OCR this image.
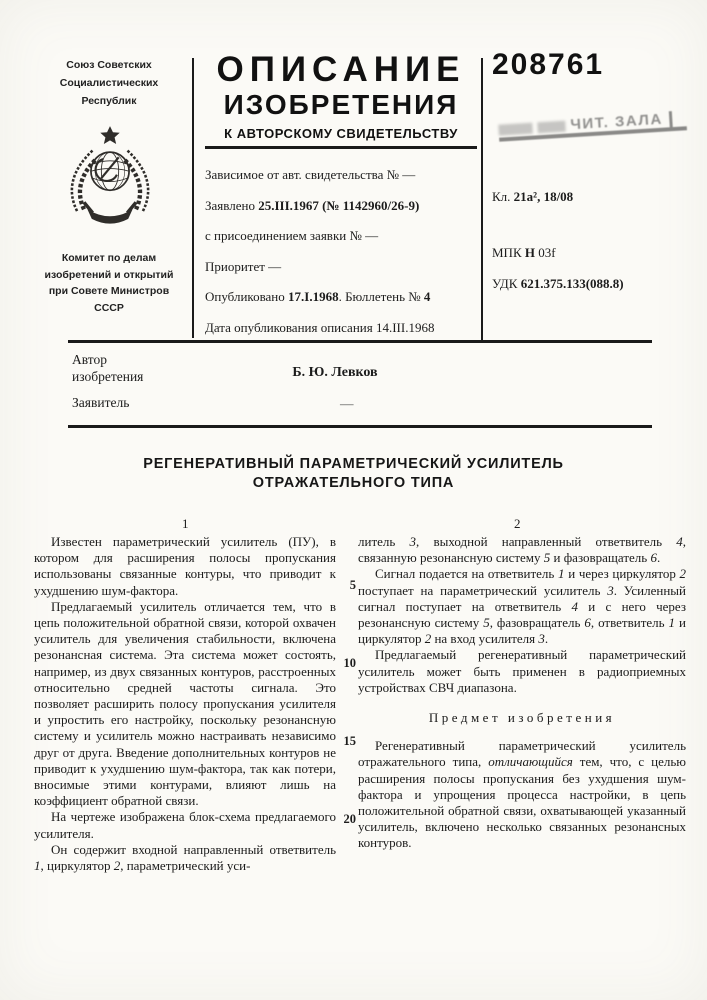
Союз Советских
Социалистических
Республик
Комитет по делам
изобретений и открытий
при Совете Министров
СССР
ОПИСАНИЕ
ИЗОБРЕТЕНИЯ
К АВТОРСКОМУ СВИДЕТЕЛЬСТВУ
Зависимое от авт. свидетельства № —
Заявлено 25.III.1967 (№ 1142960/26-9)
с присоединением заявки № —
Приоритет —
Опубликовано 17.I.1968. Бюллетень № 4
Дата опубликования описания 14.III.1968
208761
ЧИТ. ЗАЛА
Кл. 21а², 18/08
МПК Н 03f
УДК 621.375.133(088.8)
Автор
изобретения	Б. Ю. Левков
Заявитель	—
РЕГЕНЕРАТИВНЫЙ ПАРАМЕТРИЧЕСКИЙ УСИЛИТЕЛЬ
ОТРАЖАТЕЛЬНОГО ТИПА
1	2

Известен параметрический усилитель (ПУ), в котором для расширения полосы пропускания использованы связанные контуры, что приводит к ухудшению шум-фактора.

Предлагаемый усилитель отличается тем, что в цепь положительной обратной связи, которой охвачен усилитель для увеличения стабильности, включена резонансная система. Эта система может состоять, например, из двух связанных контуров, расстроенных относительно средней частоты сигнала. Это позволяет расширить полосу пропускания усилителя и упростить его настройку, поскольку резонансную систему и усилитель можно настраивать независимо друг от друга. Введение дополнительных контуров не приводит к ухудшению шум-фактора, так как потери, вносимые этими контурами, влияют лишь на коэффициент обратной связи.

На чертеже изображена блок-схема предлагаемого усилителя.

Он содержит входной направленный ответвитель 1, циркулятор 2, параметрический уси-

литель 3, выходной направленный ответвитель 4, связанную резонансную систему 5 и фазовращатель 6.

Сигнал подается на ответвитель 1 и через циркулятор 2 поступает на параметрический усилитель 3. Усиленный сигнал поступает на ответвитель 4 и с него через резонансную систему 5, фазовращатель 6, ответвитель 1 и циркулятор 2 на вход усилителя 3.

Предлагаемый регенеративный параметрический усилитель может быть применен в радиоприемных устройствах СВЧ диапазона.

Предмет изобретения

Регенеративный параметрический усилитель отражательного типа, отличающийся тем, что, с целью расширения полосы пропускания без ухудшения шум-фактора и упрощения процесса настройки, в цепь положительной обратной связи, охватывающей указанный усилитель, включено несколько связанных резонансных контуров.

5
10
15
20
